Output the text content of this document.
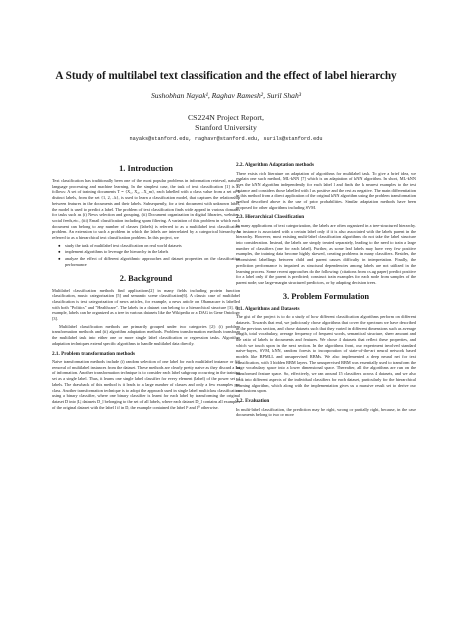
A Study of multilabel text classification and the effect of label hierarchy
Sushobhan Nayak¹, Raghav Ramesh², Suril Shah³
CS224N Project Report,
Stanford University
nayaks@stanford.edu, raghavr@stanford.edu, surils@stanford.edu
1. Introduction

Text classification has traditionally been one of the most popular problems in information retrieval, natural language processing and machine learning. In the simplest case, the task of text classification [1] is as follows: A set of training documents T = {X₁, X₂, ..X_m}, each labelled with a class value from a set of k distinct labels, from the set {1, 2, ..k}, is used to learn a classification model, that captures the relationship between features in the documents and their labels. Subsequently, for a test document with unknown label, the model is used to predict a label. The problem of text classification finds wide appeal in various domains for tasks such as (i) News selection and grouping, (ii) Document organization in digital libraries, websites, social feeds,etc., (iii) Email classification including spam filtering. A variation of this problem in which each document can belong to any number of classes (labels) is referred to as a multilabel text classification problem. An extension to such a problem in which the labels are interrelated by a categorical hierarchy is referred to as a hierarchical text classification problem. In this project, we

● study the task of multilabel text classification on real world datasets
● implement algorithms to leverage the hierarchy in the labels
● analyze the effect of different algorithmic approaches and dataset properties on the classification performance
2. Background

Multilabel classification methods find applications[2] in many fields including protein function classification, music categorization [5] and semantic scene classification[6]. A classic case of multilabel classification is text categorization of news articles, for example, a news article on Obamacare is labelled with both "Politics" and "Healthcare". The labels in a dataset can belong to a hierarchical structure [3], for example, labels can be organized as a tree in various datasets like the Wikipedia or a DAG in Gene Ontology [3].

Multilabel classification methods are primarily grouped under two categories [2]: (i) problem transformation methods and (ii) algorithm adaptation methods. Problem transformation methods transform the multilabel task into either one or more single label classification or regression tasks. Algorithm adaptation techniques extend specific algorithms to handle multilabel data directly.

2.1. Problem transformation methods

Naive transformation methods include (i) random selection of one label for each multilabel instance or (ii) removal of multilabel instances from the dataset. These methods are clearly pretty naive as they discard a lot of information. Another transformation technique is to consider each label subgroup occurring in the training set as a single label. Thus, it learns one single label classifier for every element (label) of the power set of labels. The drawback of this method is it leads to a large number of classes and only a few examples per class. Another transformation technique is to adopt the approach used in single label multiclass classification using a binary classifier, where one binary classifier is learnt for each label by transforming the original dataset D into |L| datasets D_l belonging to the set of all labels, where each dataset D_l contains all examples of the original dataset with the label l if in D, the example contained the label l¹ and l⁰ otherwise.

2.2. Algorithm Adaptation methods

There exists rich literature on adaptation of algorithms for multilabel task. To give a brief idea, we explain one such method, ML-kNN [7] which is an adaptation of kNN algorithm. In short, ML-kNN uses the kNN algorithm independently for each label l and finds the k nearest examples to the test instance and considers those labelled with l as positive and the rest as negative. The main differentiation in this method from a direct application of the original kNN algorithm using the problem transformation method described above is the use of prior probabilities. Similar adaptation methods have been proposed for other algorithms including SVM.

2.3. Hierarchical Classification

In many applications of text categorization, the labels are often organized in a tree-structured hierarchy. An instance is associated with a certain label only if it is also associated with the labels parent in the hierarchy. However, most existing multi-label classification algorithms do not take the label structure into consideration. Instead, the labels are simply treated separately, leading to the need to train a large number of classifiers (one for each label). Further, as some leaf labels may have very few positive examples, the training data become highly skewed, creating problems in many classifiers. Besides, the inconsistent labellings between child and parent causes difficulty in interpretation. Finally, the prediction performance is impaired as structural dependencies among labels are not utilized in the learning process. Some recent approaches do the following: (citations from cs.ug paper) predict positive for a label only if the parent is predicted; construct train examples for each node from samples of the parent node; use large-margin structured predictors, or by adapting decision trees.

3. Problem Formulation
3.1. Algorithms and Datasets

The gist of the project is to do a study of how different classification algorithms perform on different datasets. Towards that end, we judiciously chose algorithms that cover the spectrum we have described in the previous section, and chose datasets such that they varied in different dimensions such as average length, total vocabulary, average frequency of frequent words, semantical structure, sheer amount and the ratio of labels to documents and features. We chose 4 datasets that reflect these properties, and which we touch upon in the next section. In the algorithms front, our experiment involved standard naive-bayes, SVM, kNN, random forests to incorporation of state-of-the-art neural network based models like BPMLL and unsupervised RBMs. We also implemented a deep neural net for text classification, with 3 hidden RBM layers. The unsupervised RBM was essentially used to transform the huge vocabulary space into a lower dimensional space. Thereafter, all the algorithms are run on the transformed feature space. So, effectively, we ran around 15 classifiers across 4 datasets, and we also look into different aspects of the individual classifiers for each dataset, particularly for the hierarchical learning algorithm, which along with the implementation gives us a massive result set to derive our conclusions upon.

3.2. Evaluation

In multi-label classification, the prediction may be right, wrong or partially right, because, in the case documents belong to two or more
